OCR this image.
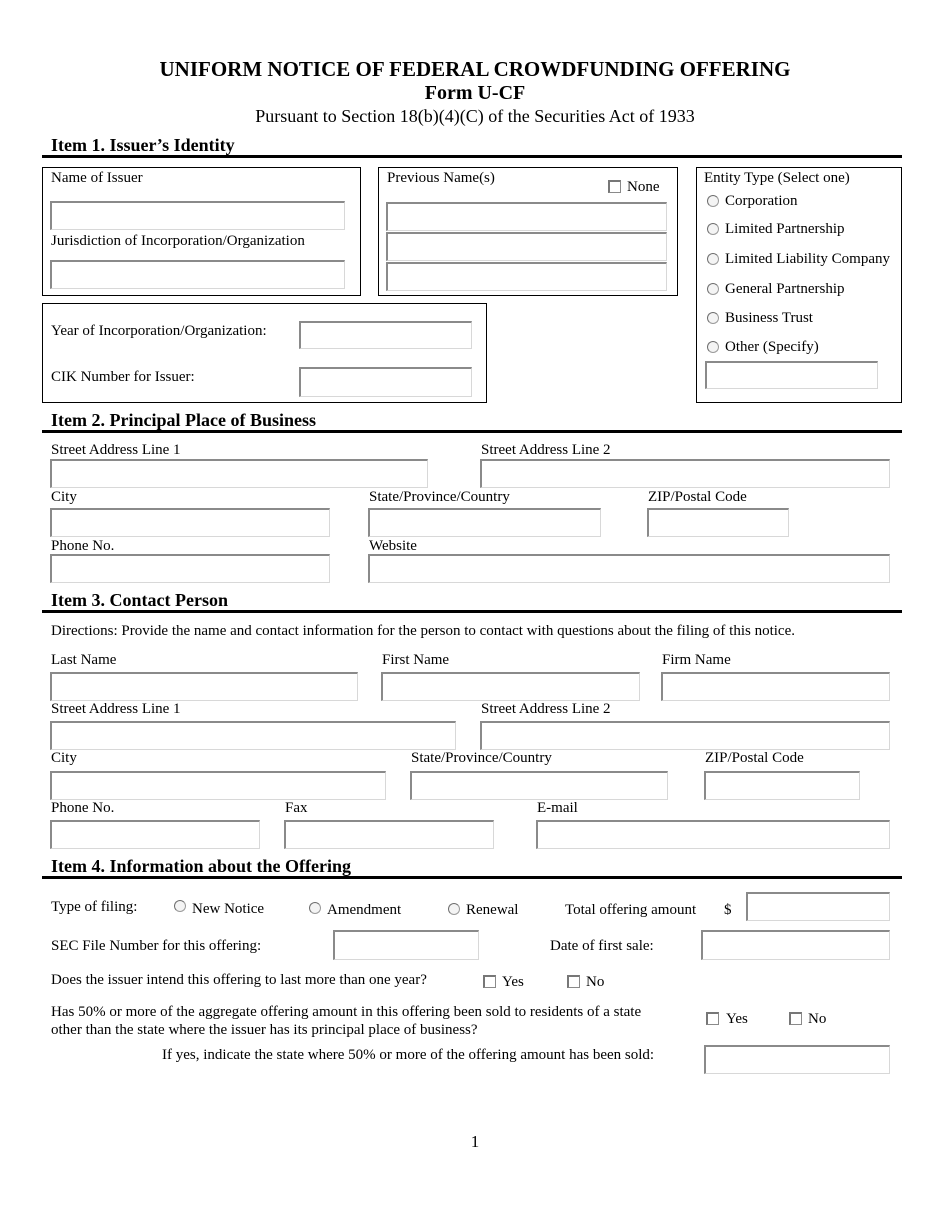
UNIFORM NOTICE OF FEDERAL CROWDFUNDING OFFERING
Form U-CF
Pursuant to Section 18(b)(4)(C) of the Securities Act of 1933
Item 1. Issuer’s Identity
Name of Issuer
Jurisdiction of Incorporation/Organization
Previous Name(s)
None
Entity Type (Select one)
Corporation
Limited Partnership
Limited Liability Company
General Partnership
Business Trust
Other (Specify)
Year of Incorporation/Organization:
CIK Number for Issuer:
Item 2. Principal Place of Business
Street Address Line 1	Street Address Line 2
City	State/Province/Country	ZIP/Postal Code
Phone No.	Website
Item 3. Contact Person
Directions: Provide the name and contact information for the person to contact with questions about the filing of this notice.
Last Name	First Name	Firm Name
Street Address Line 1	Street Address Line 2
City	State/Province/Country	ZIP/Postal Code
Phone No.	Fax	E-mail
Item 4. Information about the Offering
Type of filing:	New Notice	Amendment	Renewal	Total offering amount $
SEC File Number for this offering:	Date of first sale:
Does the issuer intend this offering to last more than one year?	Yes	No
Has 50% or more of the aggregate offering amount in this offering been sold to residents of a state
other than the state where the issuer has its principal place of business?
Yes	No
If yes, indicate the state where 50% or more of the offering amount has been sold:
1
